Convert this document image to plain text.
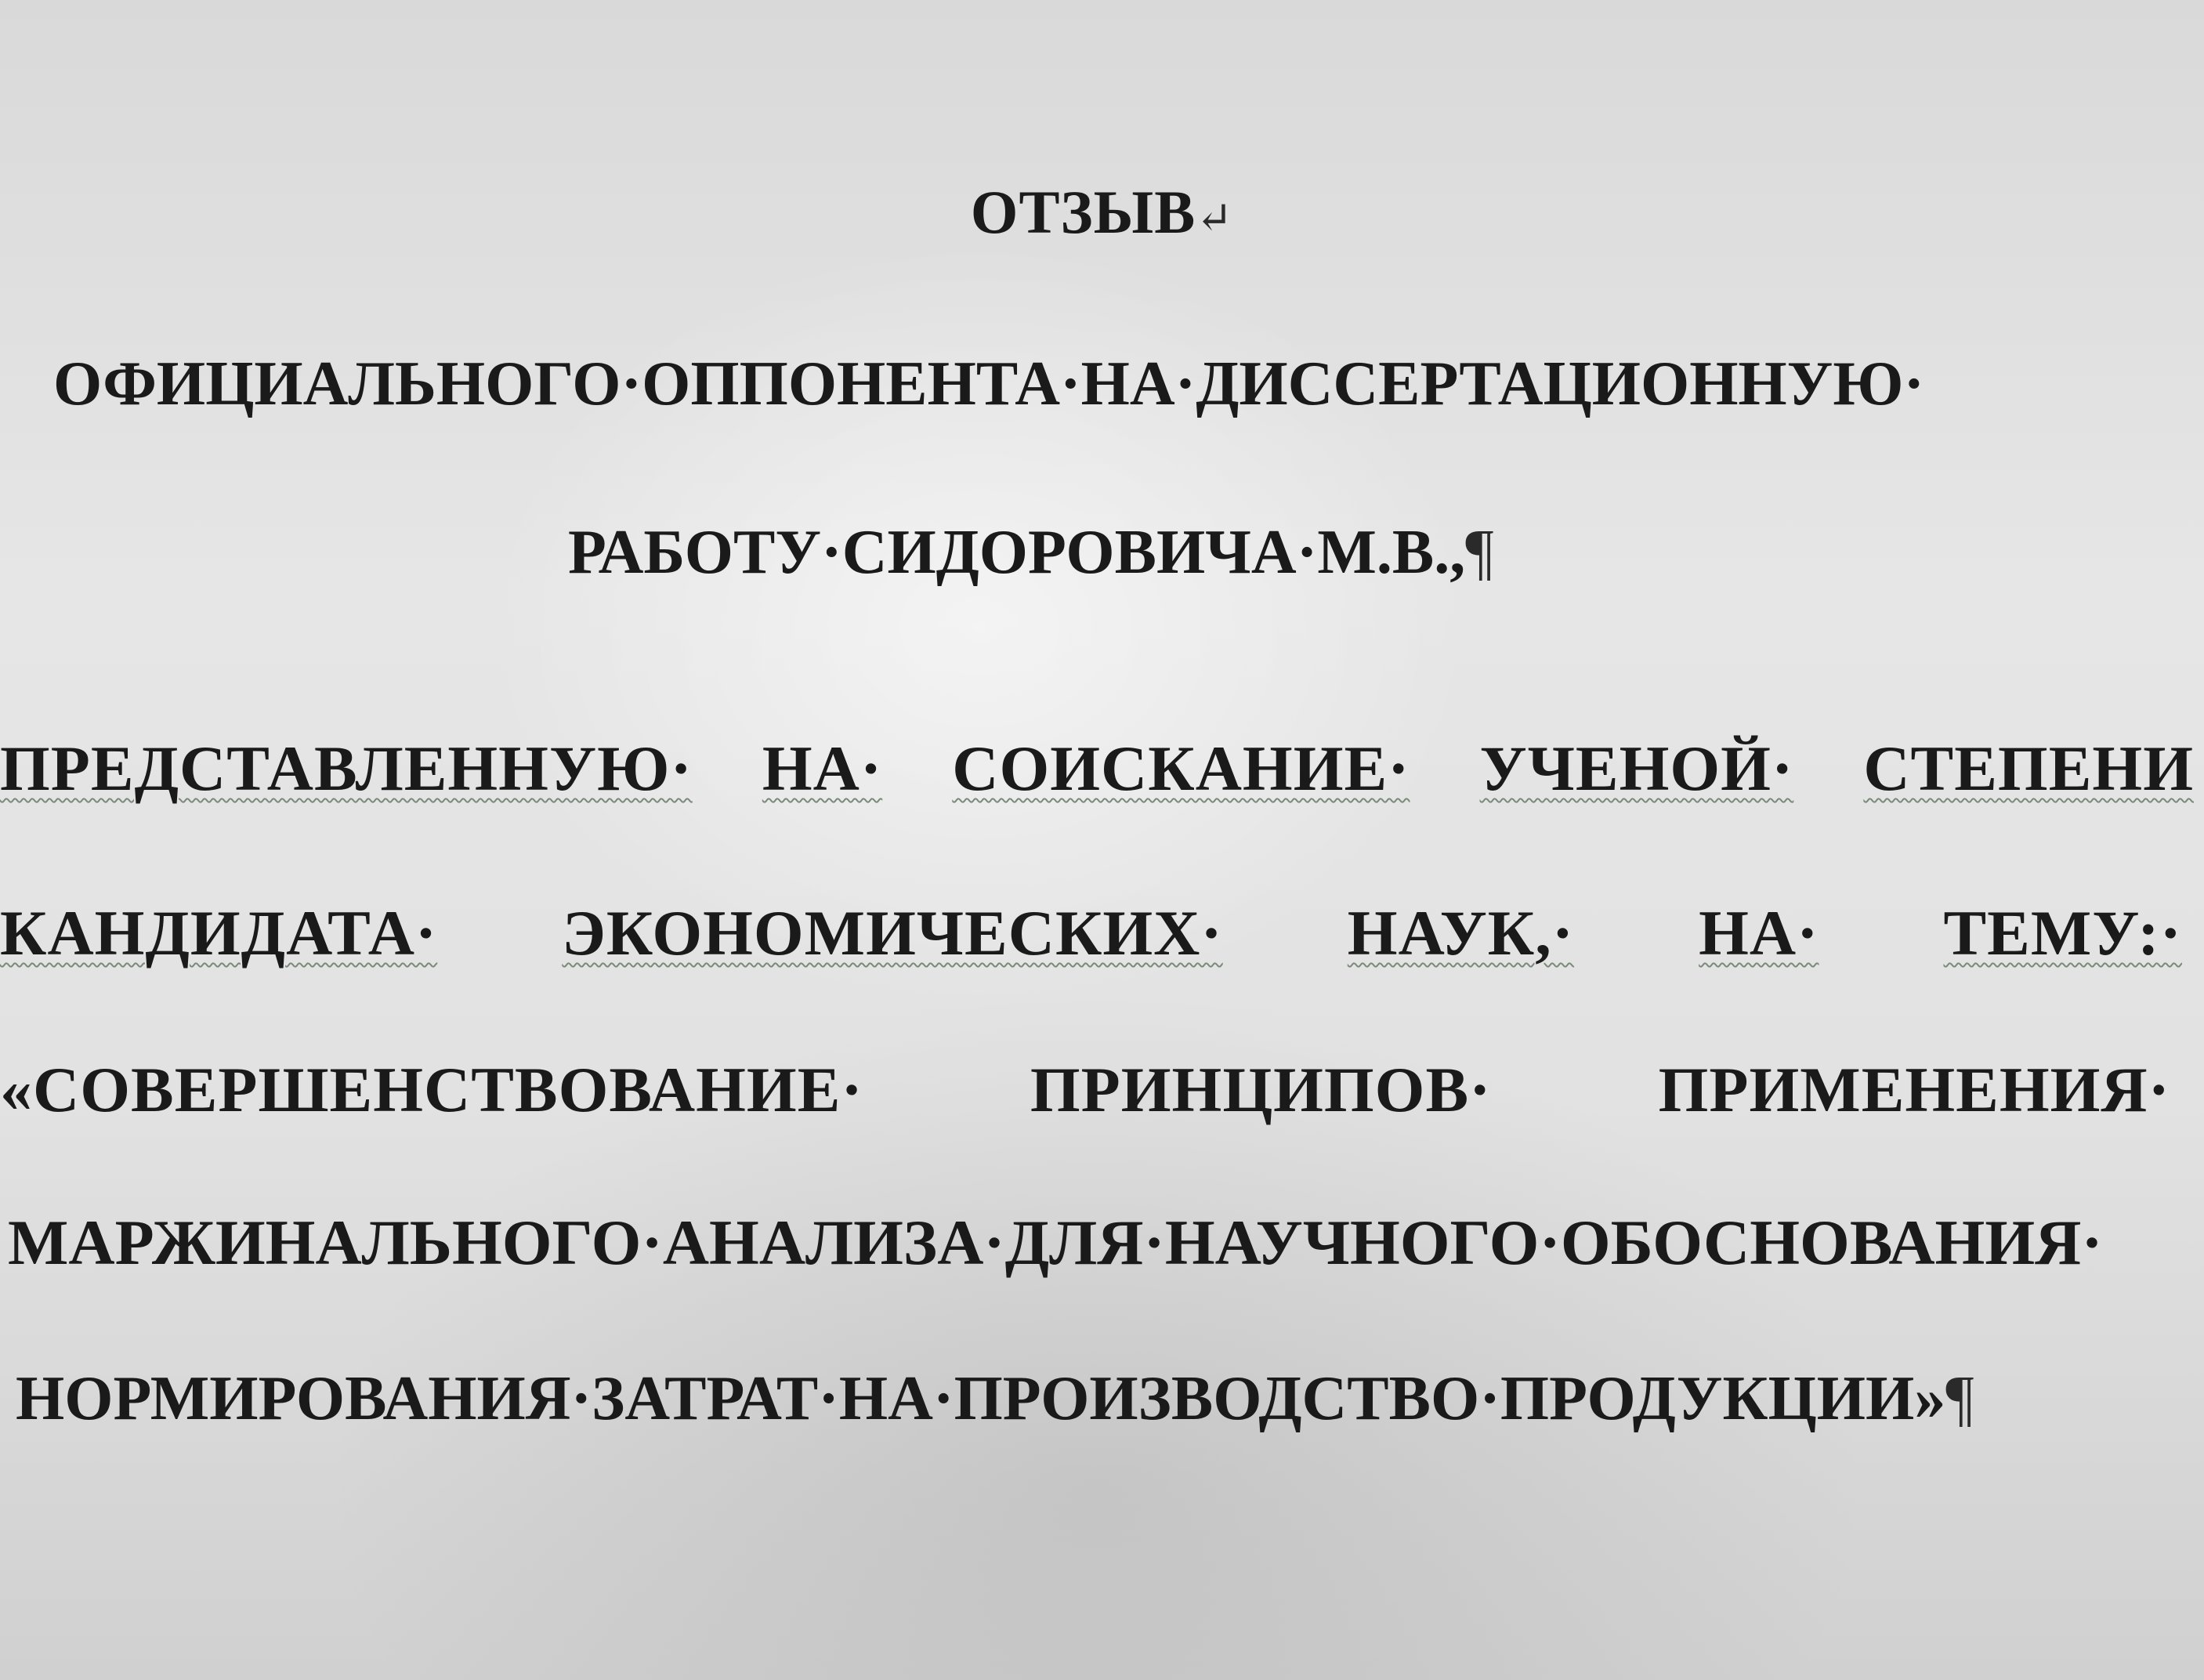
ОТЗЫВ↵
ОФИЦИАЛЬНОГО·ОППОНЕНТА·НА·ДИССЕРТАЦИОННУЮ·
РАБОТУ·СИДОРОВИЧА·М.В.,¶
ПРЕДСТАВЛЕННУЮ· НА· СОИСКАНИЕ· УЧЕНОЙ· СТЕПЕНИ
КАНДИДАТА· ЭКОНОМИЧЕСКИХ· НАУК,· НА· ТЕМУ:·
«СОВЕРШЕНСТВОВАНИЕ·	ПРИНЦИПОВ·	ПРИМЕНЕНИЯ·
МАРЖИНАЛЬНОГО·АНАЛИЗА·ДЛЯ·НАУЧНОГО·ОБОСНОВАНИЯ·
НОРМИРОВАНИЯ·ЗАТРАТ·НА·ПРОИЗВОДСТВО·ПРОДУКЦИИ»¶
